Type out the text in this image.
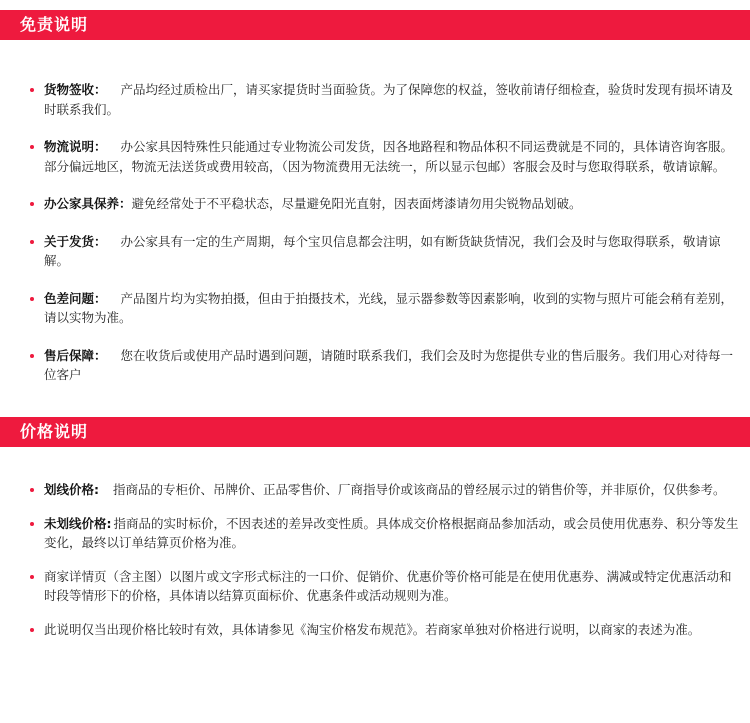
免责说明
货物签收： 产品均经过质检出厂，请买家提货时当面验货。为了保障您的权益，签收前请仔细检查，验货时发现有损坏请及时联系我们。
物流说明： 办公家具因特殊性只能通过专业物流公司发货，因各地路程和物品体积不同运费就是不同的，具体请咨询客服。部分偏远地区，物流无法送货或费用较高，（因为物流费用无法统一，所以显示包邮）客服会及时与您取得联系，敬请谅解。
办公家具保养：避免经常处于不平稳状态，尽量避免阳光直射，因表面烤漆请勿用尖锐物品划破。
关于发货： 办公家具有一定的生产周期，每个宝贝信息都会注明，如有断货缺货情况，我们会及时与您取得联系，敬请谅解。
色差问题： 产品图片均为实物拍摄，但由于拍摄技术，光线，显示器参数等因素影响，收到的实物与照片可能会稍有差别，请以实物为准。
售后保障： 您在收货后或使用产品时遇到问题，请随时联系我们，我们会及时为您提供专业的售后服务。我们用心对待每一位客户
价格说明
划线价格: 指商品的专柜价、吊牌价、正品零售价、厂商指导价或该商品的曾经展示过的销售价等，并非原价，仅供参考。
未划线价格: 指商品的实时标价，不因表述的差异改变性质。具体成交价格根据商品参加活动，或会员使用优惠券、积分等发生变化，最终以订单结算页价格为准。
商家详情页（含主图）以图片或文字形式标注的一口价、促销价、优惠价等价格可能是在使用优惠券、满减或特定优惠活动和时段等情形下的价格，具体请以结算页面标价、优惠条件或活动规则为准。
此说明仅当出现价格比较时有效，具体请参见《淘宝价格发布规范》。若商家单独对价格进行说明，以商家的表述为准。
